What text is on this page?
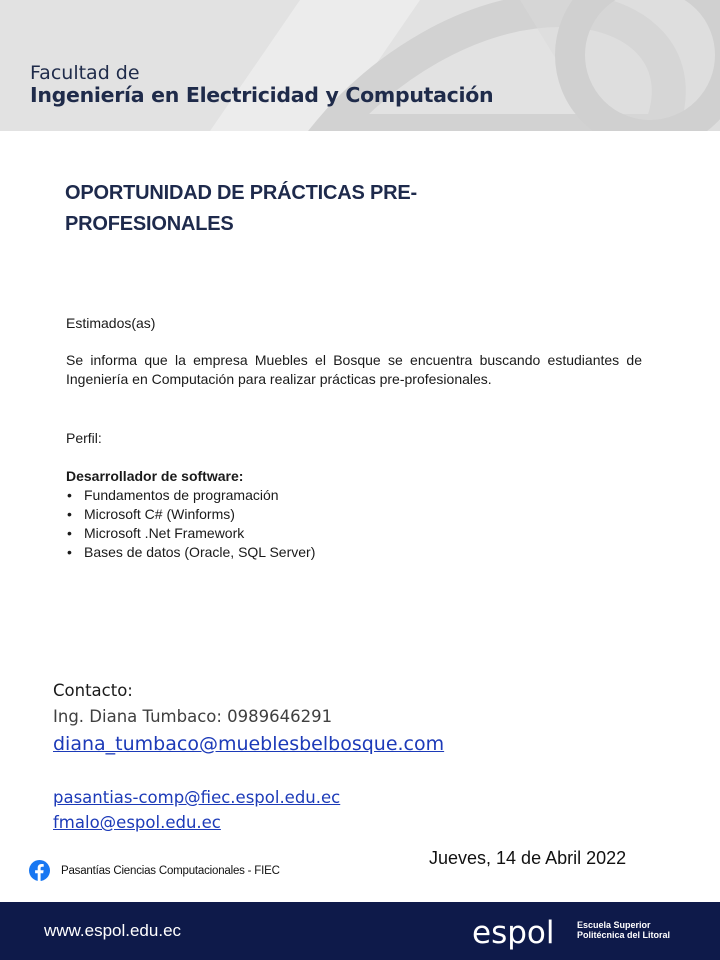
Facultad de
Ingeniería en Electricidad y Computación
OPORTUNIDAD DE PRÁCTICAS PRE-PROFESIONALES
Estimados(as)
Se informa que la empresa Muebles el Bosque se encuentra buscando estudiantes de Ingeniería en Computación para realizar prácticas pre-profesionales.
Perfil:
Desarrollador de software:
• Fundamentos de programación
• Microsoft C# (Winforms)
• Microsoft .Net Framework
• Bases de datos (Oracle, SQL Server)
Contacto:
Ing. Diana Tumbaco: 0989646291
diana_tumbaco@mueblesbelbosque.com
pasantias-comp@fiec.espol.edu.ec
fmalo@espol.edu.ec
Jueves, 14 de Abril 2022
Pasantías Ciencias Computacionales - FIEC
www.espol.edu.ec	espol	Escuela Superior
Politécnica del Litoral
